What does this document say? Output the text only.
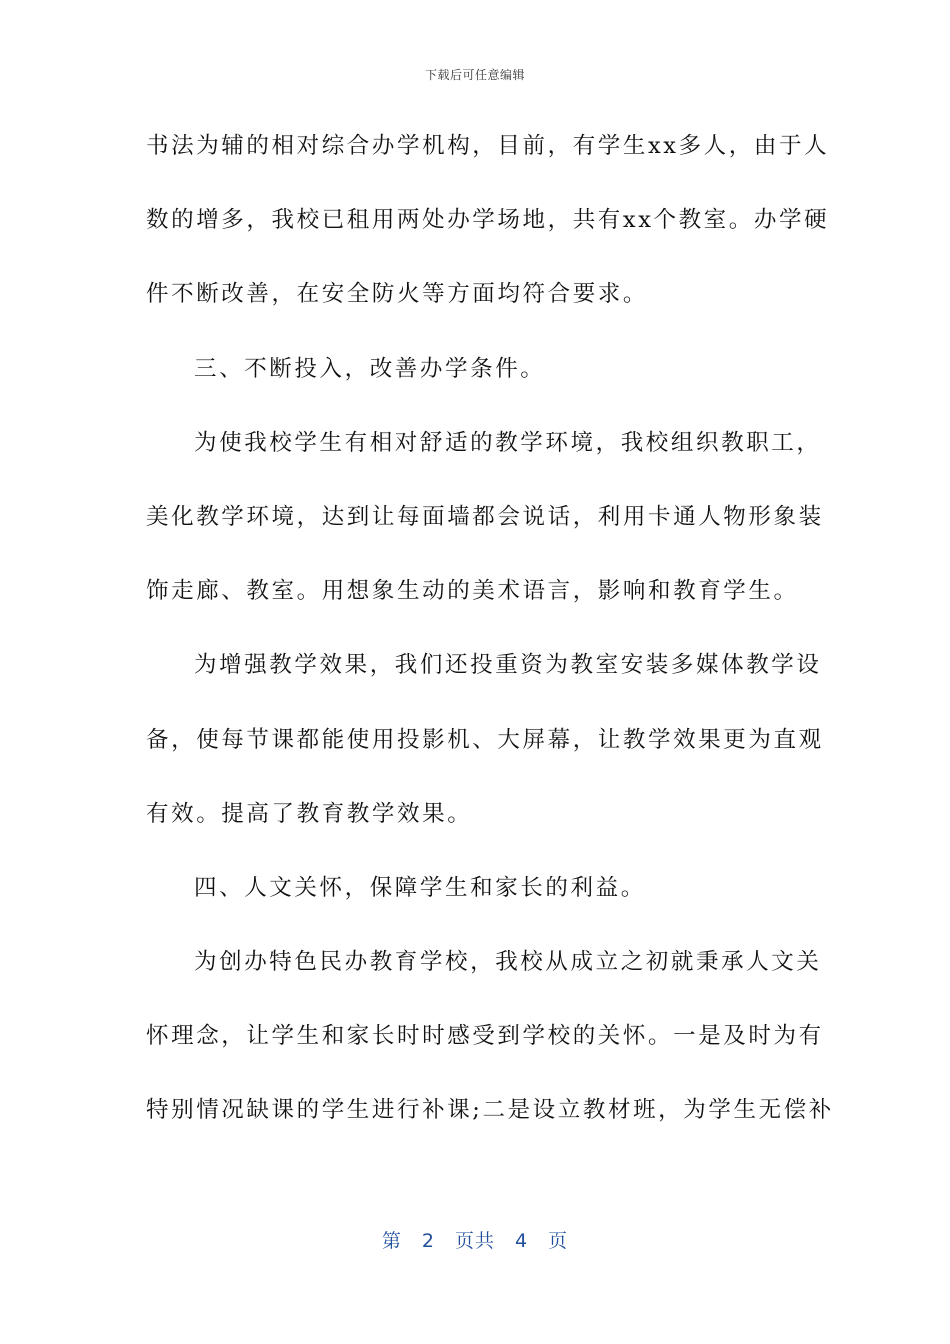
下载后可任意编辑
书法为辅的相对综合办学机构，目前，有学生xx多人，由于人
数的增多，我校已租用两处办学场地，共有xx个教室。办学硬
件不断改善，在安全防火等方面均符合要求。
三、不断投入，改善办学条件。
为使我校学生有相对舒适的教学环境，我校组织教职工，
美化教学环境，达到让每面墙都会说话，利用卡通人物形象装
饰走廊、教室。用想象生动的美术语言，影响和教育学生。
为增强教学效果，我们还投重资为教室安装多媒体教学设
备，使每节课都能使用投影机、大屏幕，让教学效果更为直观
有效。提高了教育教学效果。
四、人文关怀，保障学生和家长的利益。
为创办特色民办教育学校，我校从成立之初就秉承人文关
怀理念，让学生和家长时时感受到学校的关怀。一是及时为有
特别情况缺课的学生进行补课;二是设立教材班，为学生无偿补
第 2 页共 4 页
